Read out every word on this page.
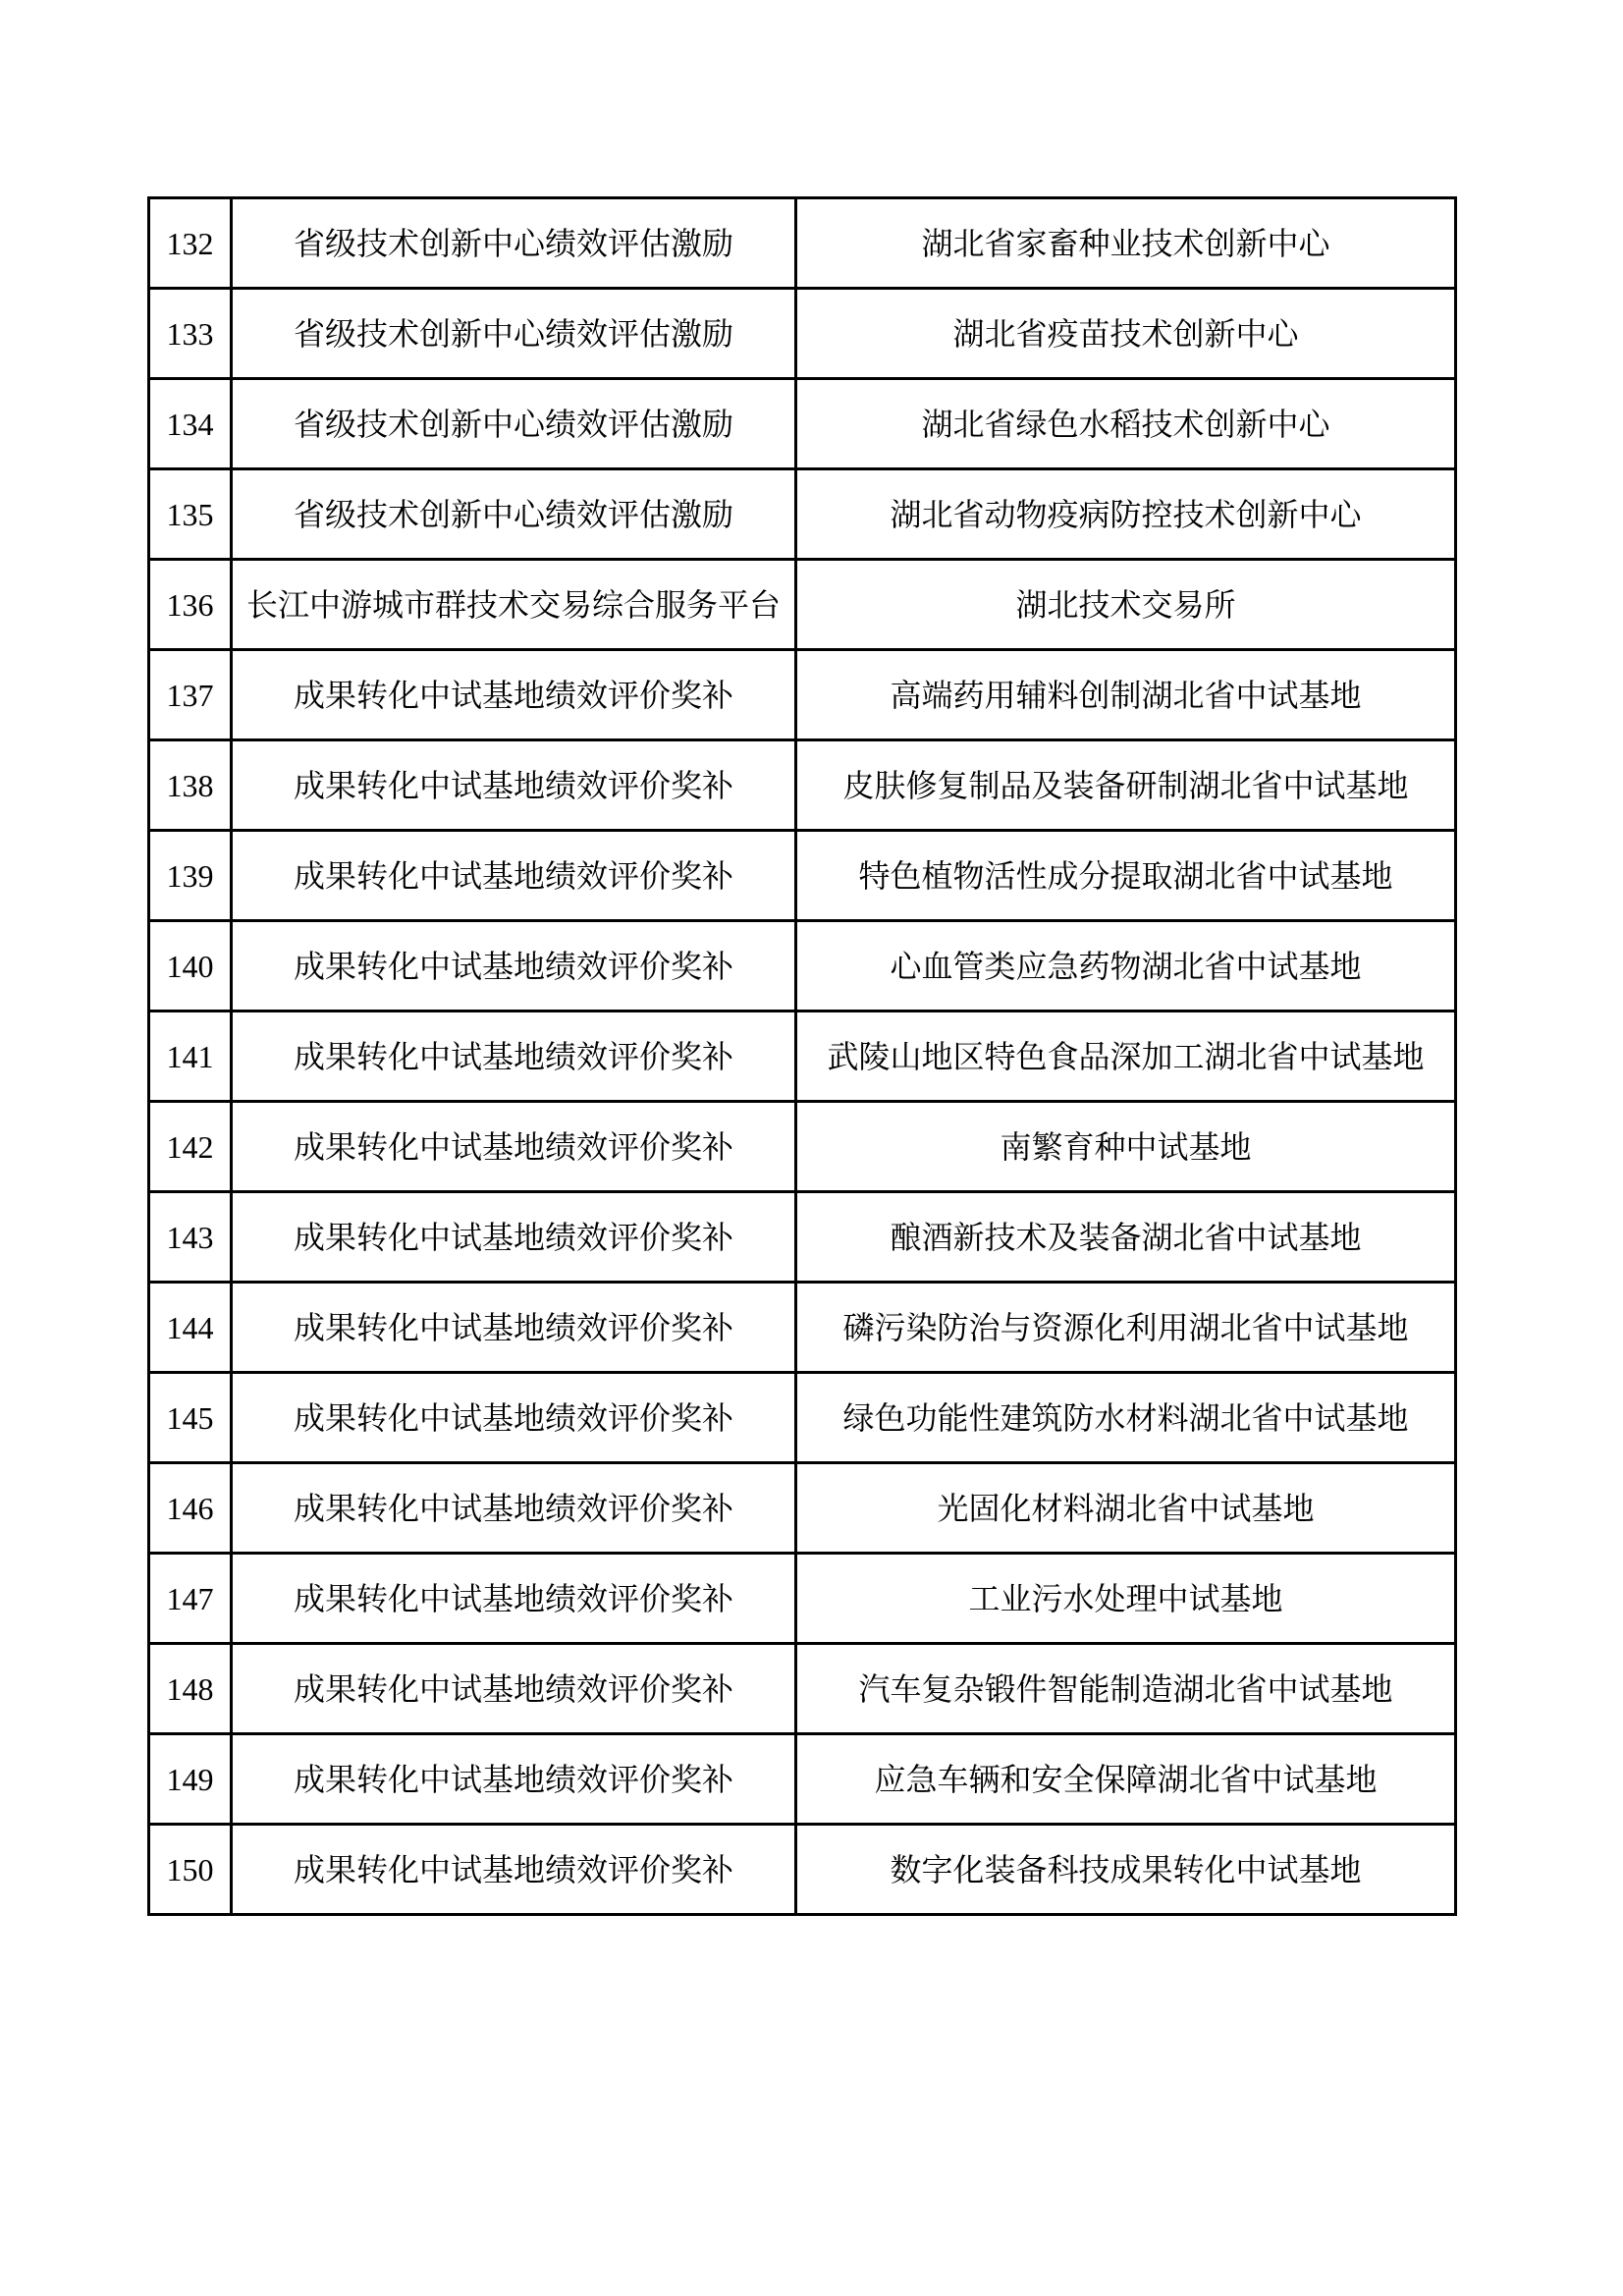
132	省级技术创新中心绩效评估激励	湖北省家畜种业技术创新中心
133	省级技术创新中心绩效评估激励	湖北省疫苗技术创新中心
134	省级技术创新中心绩效评估激励	湖北省绿色水稻技术创新中心
135	省级技术创新中心绩效评估激励	湖北省动物疫病防控技术创新中心
136	长江中游城市群技术交易综合服务平台	湖北技术交易所
137	成果转化中试基地绩效评价奖补	高端药用辅料创制湖北省中试基地
138	成果转化中试基地绩效评价奖补	皮肤修复制品及装备研制湖北省中试基地
139	成果转化中试基地绩效评价奖补	特色植物活性成分提取湖北省中试基地
140	成果转化中试基地绩效评价奖补	心血管类应急药物湖北省中试基地
141	成果转化中试基地绩效评价奖补	武陵山地区特色食品深加工湖北省中试基地
142	成果转化中试基地绩效评价奖补	南繁育种中试基地
143	成果转化中试基地绩效评价奖补	酿酒新技术及装备湖北省中试基地
144	成果转化中试基地绩效评价奖补	磷污染防治与资源化利用湖北省中试基地
145	成果转化中试基地绩效评价奖补	绿色功能性建筑防水材料湖北省中试基地
146	成果转化中试基地绩效评价奖补	光固化材料湖北省中试基地
147	成果转化中试基地绩效评价奖补	工业污水处理中试基地
148	成果转化中试基地绩效评价奖补	汽车复杂锻件智能制造湖北省中试基地
149	成果转化中试基地绩效评价奖补	应急车辆和安全保障湖北省中试基地
150	成果转化中试基地绩效评价奖补	数字化装备科技成果转化中试基地
